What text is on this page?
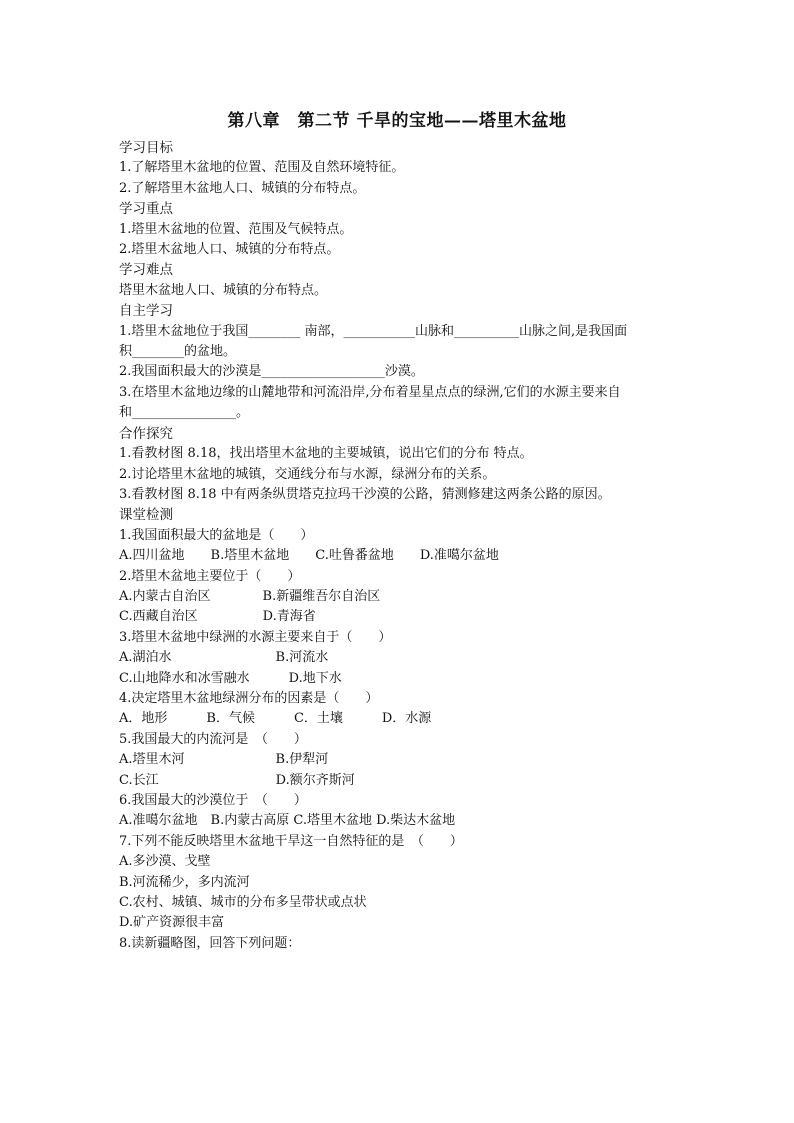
第八章　第二节 千旱的宝地——塔里木盆地
学习目标
1.了解塔里木盆地的位置、范围及自然环境特征。
2.了解塔里木盆地人口、城镇的分布特点。
学习重点
1.塔里木盆地的位置、范围及气候特点。
2.塔里木盆地人口、城镇的分布特点。
学习难点
塔里木盆地人口、城镇的分布特点。
自主学习
1.塔里木盆地位于我国________ 南部，___________山脉和__________山脉之间,是我国面
积________的盆地。
2.我国面积最大的沙漠是___________________沙漠。
3.在塔里木盆地边缘的山麓地带和河流沿岸,分布着星星点点的绿洲,它们的水源主要来自
和________________。
合作探究
1.看教材图 8.18，找出塔里木盆地的主要城镇，说出它们的分布 特点。
2.讨论塔里木盆地的城镇，交通线分布与水源，绿洲分布的关系。
3.看教材图 8.18 中有两条纵贯塔克拉玛干沙漠的公路，猜测修建这两条公路的原因。
课堂检测
1.我国面积最大的盆地是（　　）
A.四川盆地　　B.塔里木盆地　　C.吐鲁番盆地　　D.准噶尔盆地
2.塔里木盆地主要位于（　　）
A.内蒙古自治区　　　　B.新疆维吾尔自治区
C.西藏自治区　　　　　D.青海省
3.塔里木盆地中绿洲的水源主要来自于（　　）
A.湖泊水　　　　　　　　B.河流水
C.山地降水和冰雪融水　　　D.地下水
4.决定塔里木盆地绿洲分布的因素是（　　）
A．地形　　　B．气候　　　C．土壤　　　D．水源
5.我国最大的内流河是　（　　）
A.塔里木河　　　　　　　B.伊犁河
C.长江　　　　　　　　　D.额尔齐斯河
6.我国最大的沙漠位于　（　　）
A.准噶尔盆地　B.内蒙古高原 C.塔里木盆地 D.柴达木盆地
7.下列不能反映塔里木盆地干旱这一自然特征的是　（　　）
A.多沙漠、戈壁
B.河流稀少，多内流河
C.农村、城镇、城市的分布多呈带状或点状
D.矿产资源很丰富
8.读新疆略图，回答下列问题：
